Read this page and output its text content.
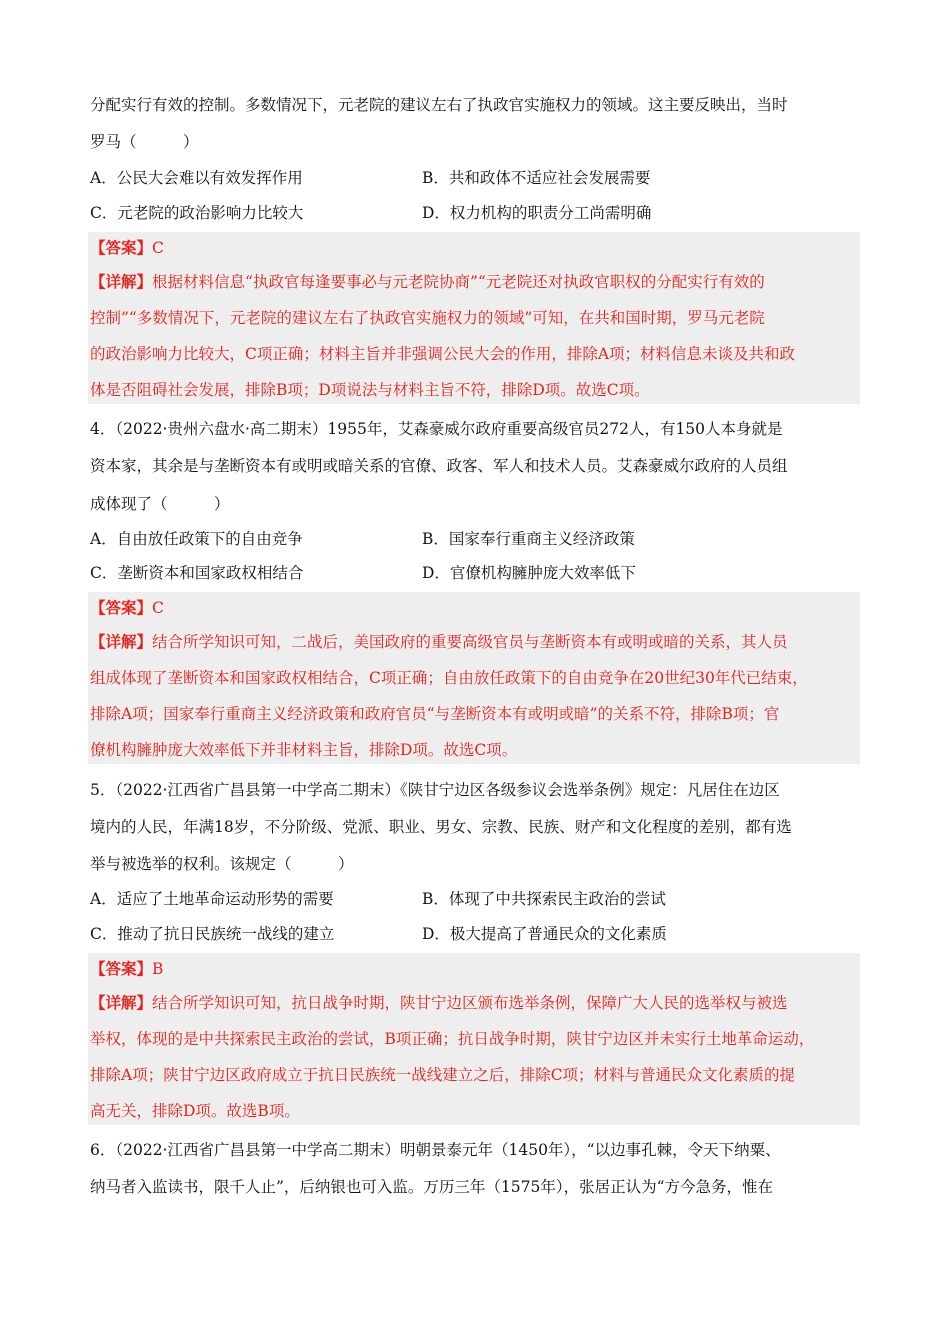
分配实行有效的控制。多数情况下，元老院的建议左右了执政官实施权力的领域。这主要反映出，当时
罗马（　　　）
A．公民大会难以有效发挥作用	B．共和政体不适应社会发展需要
C．元老院的政治影响力比较大	D．权力机构的职责分工尚需明确
【答案】C
【详解】根据材料信息“执政官每逢要事必与元老院协商”“元老院还对执政官职权的分配实行有效的
控制”“多数情况下，元老院的建议左右了执政官实施权力的领域”可知，在共和国时期，罗马元老院
的政治影响力比较大，C项正确；材料主旨并非强调公民大会的作用，排除A项；材料信息未谈及共和政
体是否阻碍社会发展，排除B项；D项说法与材料主旨不符，排除D项。故选C项。
4．（2022·贵州六盘水·高二期末）1955年，艾森豪威尔政府重要高级官员272人，有150人本身就是
资本家，其余是与垄断资本有或明或暗关系的官僚、政客、军人和技术人员。艾森豪威尔政府的人员组
成体现了（　　　）
A．自由放任政策下的自由竞争	B．国家奉行重商主义经济政策
C．垄断资本和国家政权相结合	D．官僚机构臃肿庞大效率低下
【答案】C
【详解】结合所学知识可知，二战后，美国政府的重要高级官员与垄断资本有或明或暗的关系，其人员
组成体现了垄断资本和国家政权相结合，C项正确；自由放任政策下的自由竞争在20世纪30年代已结束，
排除A项；国家奉行重商主义经济政策和政府官员“与垄断资本有或明或暗”的关系不符，排除B项；官
僚机构臃肿庞大效率低下并非材料主旨，排除D项。故选C项。
5．（2022·江西省广昌县第一中学高二期末）《陕甘宁边区各级参议会选举条例》规定：凡居住在边区
境内的人民，年满18岁，不分阶级、党派、职业、男女、宗教、民族、财产和文化程度的差别，都有选
举与被选举的权利。该规定（　　　）
A．适应了土地革命运动形势的需要	B．体现了中共探索民主政治的尝试
C．推动了抗日民族统一战线的建立	D．极大提高了普通民众的文化素质
【答案】B
【详解】结合所学知识可知，抗日战争时期，陕甘宁边区颁布选举条例，保障广大人民的选举权与被选
举权，体现的是中共探索民主政治的尝试，B项正确；抗日战争时期，陕甘宁边区并未实行土地革命运动，
排除A项；陕甘宁边区政府成立于抗日民族统一战线建立之后，排除C项；材料与普通民众文化素质的提
高无关，排除D项。故选B项。
6．（2022·江西省广昌县第一中学高二期末）明朝景泰元年（1450年），“以边事孔棘，令天下纳粟、
纳马者入监读书，限千人止”，后纳银也可入监。万历三年（1575年），张居正认为“方今急务，惟在
